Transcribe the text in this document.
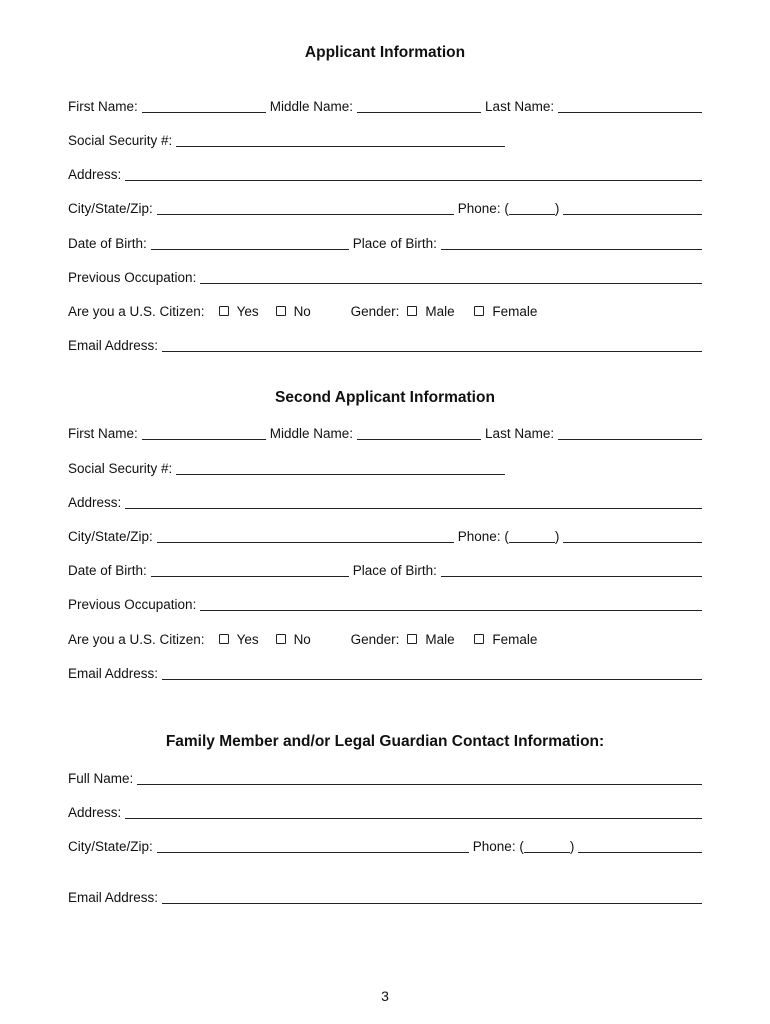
Applicant Information
First Name:	Middle Name:	Last Name:
Social Security #:
Address:
City/State/Zip:	Phone: (	)
Date of Birth:	Place of Birth:
Previous Occupation:
Are you a U.S. Citizen:	Yes	No	Gender:	Male	Female
Email Address:
Second Applicant Information
First Name:	Middle Name:	Last Name:
Social Security #:
Address:
City/State/Zip:	Phone: (	)
Date of Birth:	Place of Birth:
Previous Occupation:
Are you a U.S. Citizen:	Yes	No	Gender:	Male	Female
Email Address:
Family Member and/or Legal Guardian Contact Information:
Full Name:
Address:
City/State/Zip:	Phone: (	)
Email Address:
3
